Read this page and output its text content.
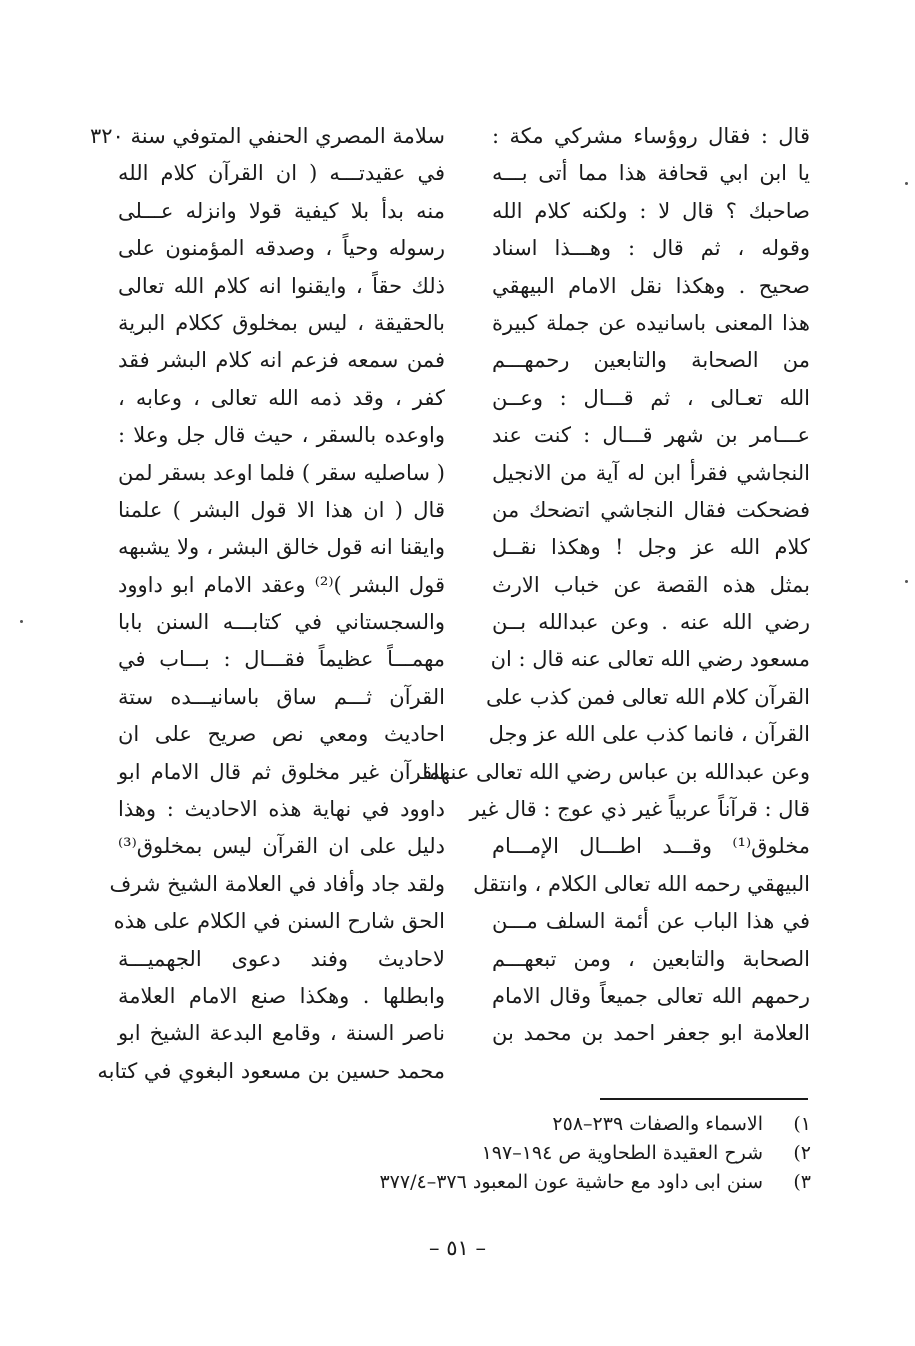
قال : فقال روؤساء مشركي مكة :
يا ابن ابي قحافة هذا مما أتى بـــه
صاحبك ؟ قال لا : ولكنه كلام الله
وقوله ، ثم قال : وهـــذا اسناد
صحيح . وهكذا نقل الامام البيهقي
هذا المعنى باسانيده عن جملة كبيرة
من الصحابة والتابعين رحمهـــم
الله تعـالى ، ثم قـــال : وعــن
عـــامر بن شهر قـــال : كنت عند
النجاشي فقرأ ابن له آية من الانجيل
فضحكت فقال النجاشي اتضحك من
كلام الله عز وجل ! وهكذا نقــل
بمثل هذه القصة عن خباب الارث
رضي الله عنه . وعن عبدالله بــن
مسعود رضي الله تعالى عنه قال : ان
القرآن كلام الله تعالى فمن كذب على
القرآن ، فانما كذب على الله عز وجل
وعن عبدالله بن عباس رضي الله تعالى عنهما
قال : قرآناً عربياً غير ذي عوج : قال غير
مخلوق⁽¹⁾ وقـــد اطـــال الإمـــام
البيهقي رحمه الله تعالى الكلام ، وانتقل
في هذا الباب عن أئمة السلف مـــن
الصحابة والتابعين ، ومن تبعهـــم
رحمهم الله تعالى جميعاً وقال الامام
العلامة ابو جعفر احمد بن محمد بن
سلامة المصري الحنفي المتوفي سنة ٣٢٠
في عقيدتـــه ( ان القرآن كلام الله
منه بدأ بلا كيفية قولا وانزله عـــلى
رسوله وحياً ، وصدقه المؤمنون على
ذلك حقاً ، وايقنوا انه كلام الله تعالى
بالحقيقة ، ليس بمخلوق ككلام البرية
فمن سمعه فزعم انه كلام البشر فقد
كفر ، وقد ذمه الله تعالى ، وعابه ،
واوعده بالسقر ، حيث قال جل وعلا :
( ساصليه سقر ) فلما اوعد بسقر لمن
قال ( ان هذا الا قول البشر ) علمنا
وايقنا انه قول خالق البشر ، ولا يشبهه
قول البشر )⁽²⁾ وعقد الامام ابو داوود
والسجستاني في كتابـــه السنن بابا
مهمـــاً عظيماً فقـــال : بـــاب في
القرآن ثـــم ساق باسانيـــده ستة
احاديث ومعي نص صريح على ان
القرآن غير مخلوق ثم قال الامام ابو
داوود في نهاية هذه الاحاديث : وهذا
دليل على ان القرآن ليس بمخلوق⁽³⁾
ولقد جاد وأفاد في العلامة الشيخ شرف
الحق شارح السنن في الكلام على هذه
لاحاديث وفند دعوى الجهميـــة
وابطلها . وهكذا صنع الامام العلامة
ناصر السنة ، وقامع البدعة الشيخ ابو
محمد حسين بن مسعود البغوي في كتابه
١)الاسماء والصفات ٢٣٩–٢٥٨
٢)شرح العقيدة الطحاوية ص ١٩٤–١٩٧
٣)سنن ابى داود مع حاشية عون المعبود ٣٧٦–٣٧٧/٤
– ٥١ –
